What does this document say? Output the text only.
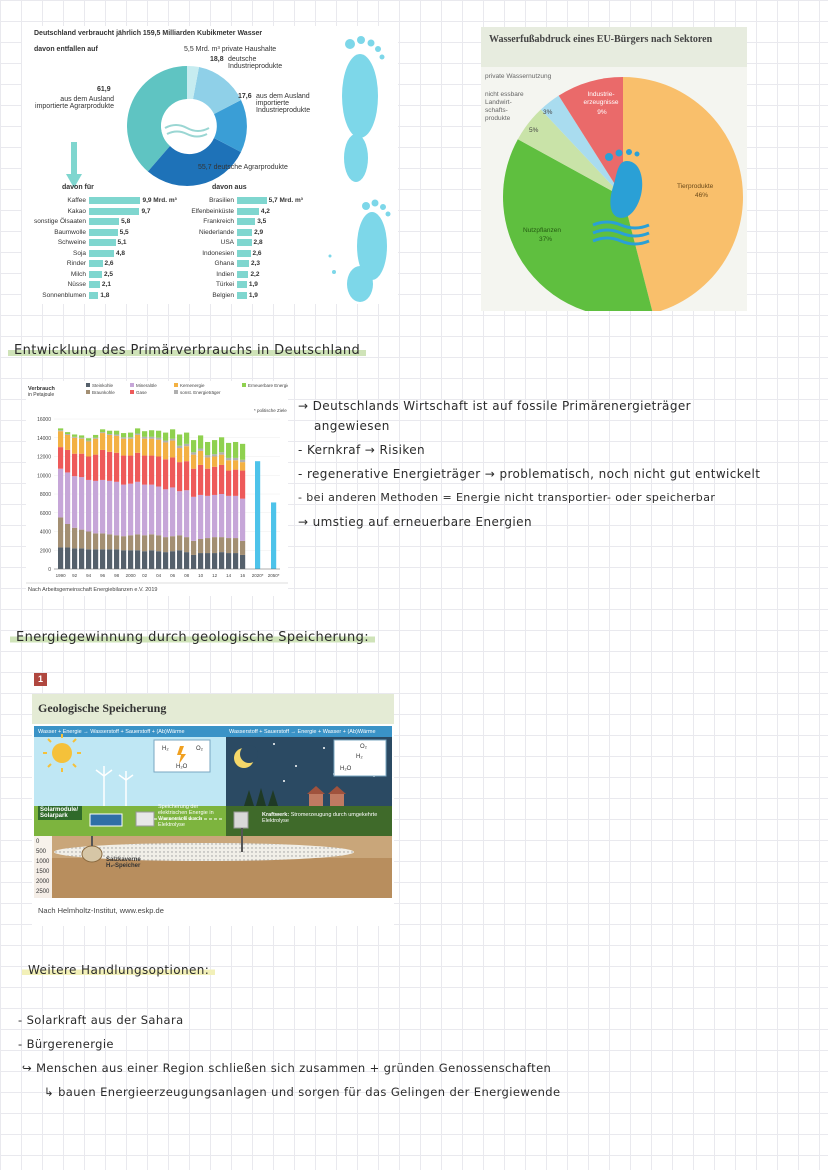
Deutschland verbraucht jährlich 159,5 Milliarden Kubikmeter Wasser
davon entfallen auf	5,5 Mrd. m³ private Haushalte
18,8 deutsche Industrieprodukte
17,6 aus dem Ausland importierte Industrieprodukte
61,9
aus dem Ausland importierte Agrarprodukte
55,7 deutsche Agrarprodukte
davon für	davon aus
Kaffee	9,9 Mrd. m³
Kakao	9,7
sonstige Ölsaaten	5,8
Baumwolle	5,5
Schweine	5,1
Soja	4,8
Rinder	2,6
Milch	2,5
Nüsse 2,1
Sonnenblumen 1,8
Brasilien	5,7 Mrd. m³
Elfenbeinküste	4,2
Frankreich	3,5
Niederlande	2,9
USA	2,8
Indonesien	2,6
Ghana	2,3
Indien	2,2
Türkei 1,9
Belgien 1,9
Wasserfußabdruck eines EU-Bürgers nach Sektoren
private Wassernutzung
nicht essbare Landwirt- schafts- produkte
3%
5%
Industrie- erzeugnisse
9%
Tierprodukte
46%
Nutzpflanzen
37%
Entwicklung des Primärverbrauchs in Deutschland
Verbrauch
in Petajoule
16000
14000
12000
10000
8000
6000
4000
2000
0
1990 92 94 96 98 2000 02 04 06 08 10 12 14 16 2020* 2050*
Steinkohle
Braunkohle
Mineralöle
Gase
Kernenergie
sonst. Energieträger
Erneuerbare Energien
* politische Ziele
Nach Arbeitsgemeinschaft Energiebilanzen e.V. 2019
→ Deutschlands Wirtschaft ist auf fossile Primärenergieträger
angewiesen
- Kernkraf → Risiken
- regenerative Energieträger → problematisch, noch nicht gut entwickelt
- bei anderen Methoden = Energie nicht transportier- oder speicherbar
→ umstieg auf erneuerbare Energien
Energiegewinnung durch geologische Speicherung:
1
Geologische Speicherung
H₂	O₂
H₂O
O₂
H₂
H₂O
Wasser + Energie → Wasserstoff + Sauerstoff + (Ab)Wärme	Wasserstoff + Sauerstoff → Energie + Wasser + (Ab)Wärme
Solarmodule/ Solarpark
Speicherung der elektrischen Energie in Wasserstoff durch Elektrolyse
Kraftwerk: Stromerzeugung durch umgekehrte Elektrolyse
Salzkaverne H₂-Speicher
0
500
1000
1500
2000
2500
Nach Helmholtz-Institut, www.eskp.de
Weitere Handlungsoptionen:
- Solarkraft aus der Sahara
- Bürgerenergie
↪ Menschen aus einer Region schließen sich zusammen + gründen Genossenschaften
↳ bauen Energieerzeugungsanlagen und sorgen für das Gelingen der Energiewende
